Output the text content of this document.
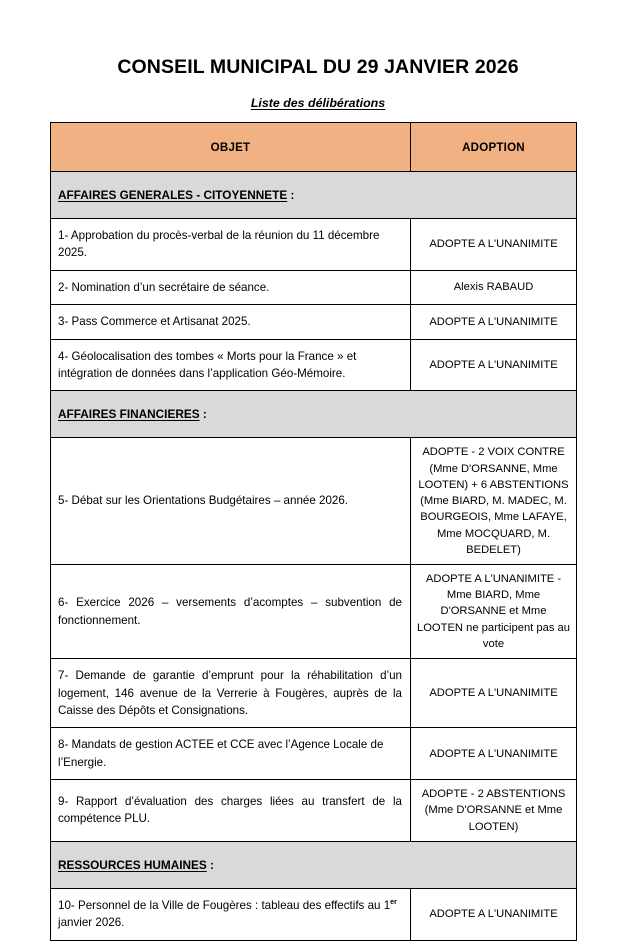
CONSEIL MUNICIPAL DU 29 JANVIER 2026
Liste des délibérations
OBJET	ADOPTION
AFFAIRES GENERALES - CITOYENNETE :	
1- Approbation du procès-verbal de la réunion du 11 décembre 2025.	ADOPTE A L'UNANIMITE
2- Nomination d’un secrétaire de séance.	Alexis RABAUD
3- Pass Commerce et Artisanat 2025.	ADOPTE A L'UNANIMITE
4- Géolocalisation des tombes « Morts pour la France » et intégration de données dans l’application Géo-Mémoire.	ADOPTE A L'UNANIMITE
AFFAIRES FINANCIERES :	
5- Débat sur les Orientations Budgétaires – année 2026.	ADOPTE - 2 VOIX CONTRE (Mme D'ORSANNE, Mme LOOTEN) + 6 ABSTENTIONS (Mme BIARD, M. MADEC, M. BOURGEOIS, Mme LAFAYE, Mme MOCQUARD, M. BEDELET)
6- Exercice 2026 – versements d’acomptes – subvention de fonctionnement.	ADOPTE A L'UNANIMITE - Mme BIARD, Mme D'ORSANNE et Mme LOOTEN ne participent pas au vote
7- Demande de garantie d’emprunt pour la réhabilitation d’un logement, 146 avenue de la Verrerie à Fougères, auprès de la Caisse des Dépôts et Consignations.	ADOPTE A L'UNANIMITE
8- Mandats de gestion ACTEE et CCE avec l’Agence Locale de l’Energie.	ADOPTE A L'UNANIMITE
9- Rapport d’évaluation des charges liées au transfert de la compétence PLU.	ADOPTE - 2 ABSTENTIONS (Mme D'ORSANNE et Mme LOOTEN)
RESSOURCES HUMAINES :	
10- Personnel de la Ville de Fougères : tableau des effectifs au 1er janvier 2026.	ADOPTE A L'UNANIMITE
